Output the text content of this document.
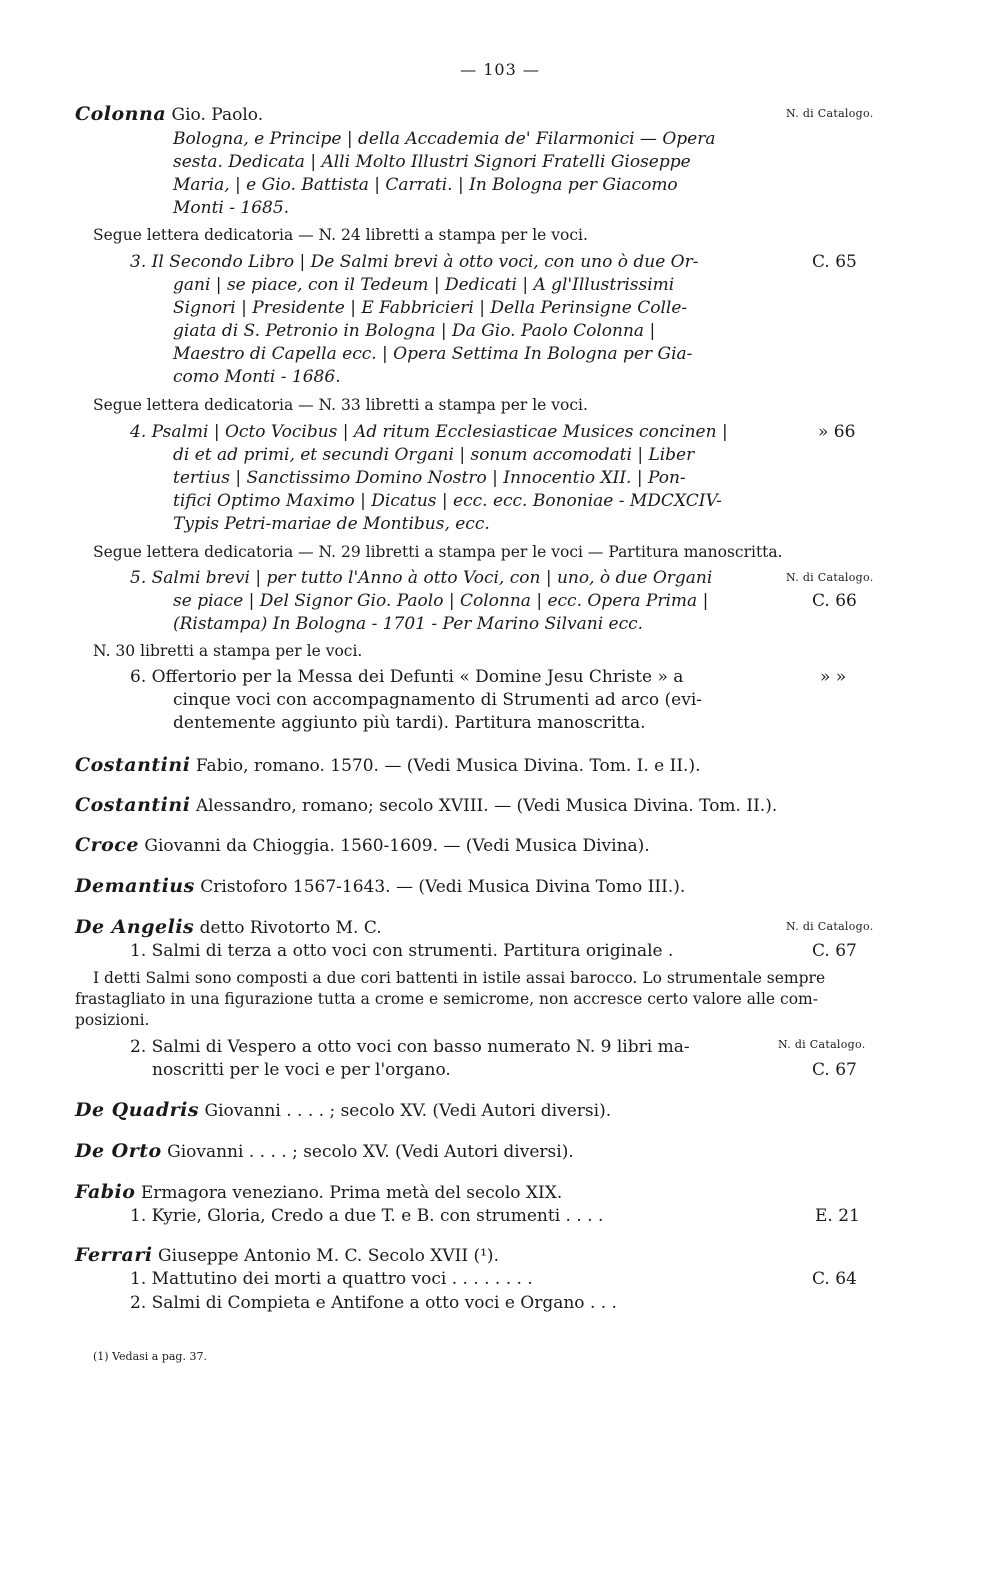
— 103 —
Colonna Gio. Paolo.	N. di Catalogo.
Bologna, e Principe | della Accademia de' Filarmonici — Opera
sesta. Dedicata | Alli Molto Illustri Signori Fratelli Gioseppe
Maria, | e Gio. Battista | Carrati. | In Bologna per Giacomo
Monti - 1685.
Segue lettera dedicatoria — N. 24 libretti a stampa per le voci.
3. Il Secondo Libro | De Salmi brevi à otto voci, con uno ò due Or-	C. 65
gani | se piace, con il Tedeum | Dedicati | A gl'Illustrissimi
Signori | Presidente | E Fabbricieri | Della Perinsigne Colle-
giata di S. Petronio in Bologna | Da Gio. Paolo Colonna |
Maestro di Capella ecc. | Opera Settima In Bologna per Gia-
como Monti - 1686.
Segue lettera dedicatoria — N. 33 libretti a stampa per le voci.
4. Psalmi | Octo Vocibus | Ad ritum Ecclesiasticae Musices concinen |	» 66
di et ad primi, et secundi Organi | sonum accomodati | Liber
tertius | Sanctissimo Domino Nostro | Innocentio XII. | Pon-
tifici Optimo Maximo | Dicatus | ecc. ecc. Bononiae - MDCXCIV-
Typis Petri-mariae de Montibus, ecc.
Segue lettera dedicatoria — N. 29 libretti a stampa per le voci — Partitura manoscritta.
5. Salmi brevi | per tutto l'Anno à otto Voci, con | uno, ò due Organi	N. di Catalogo.
se piace | Del Signor Gio. Paolo | Colonna | ecc. Opera Prima |	C. 66
(Ristampa) In Bologna - 1701 - Per Marino Silvani ecc.
N. 30 libretti a stampa per le voci.
6. Offertorio per la Messa dei Defunti « Domine Jesu Christe » a	» »
cinque voci con accompagnamento di Strumenti ad arco (evi-
dentemente aggiunto più tardi). Partitura manoscritta.
Costantini Fabio, romano. 1570. — (Vedi Musica Divina. Tom. I. e II.).
Costantini Alessandro, romano; secolo XVIII. — (Vedi Musica Divina. Tom. II.).
Croce Giovanni da Chioggia. 1560-1609. — (Vedi Musica Divina).
Demantius Cristoforo 1567-1643. — (Vedi Musica Divina Tomo III.).
De Angelis detto Rivotorto M. C.	N. di Catalogo.
1. Salmi di terza a otto voci con strumenti. Partitura originale .	C. 67
I detti Salmi sono composti a due cori battenti in istile assai barocco. Lo strumentale sempre
frastagliato in una figurazione tutta a crome e semicrome, non accresce certo valore alle com-
posizioni.
2. Salmi di Vespero a otto voci con basso numerato N. 9 libri ma-	N. di Catalogo.
noscritti per le voci e per l'organo.	C. 67
De Quadris Giovanni . . . . ; secolo XV. (Vedi Autori diversi).
De Orto Giovanni . . . . ; secolo XV. (Vedi Autori diversi).
Fabio Ermagora veneziano. Prima metà del secolo XIX.
1. Kyrie, Gloria, Credo a due T. e B. con strumenti . . . .	E. 21
Ferrari Giuseppe Antonio M. C. Secolo XVII (¹).
1. Mattutino dei morti a quattro voci . . . . . . . .	C. 64
2. Salmi di Compieta e Antifone a otto voci e Organo . . .
(1) Vedasi a pag. 37.
